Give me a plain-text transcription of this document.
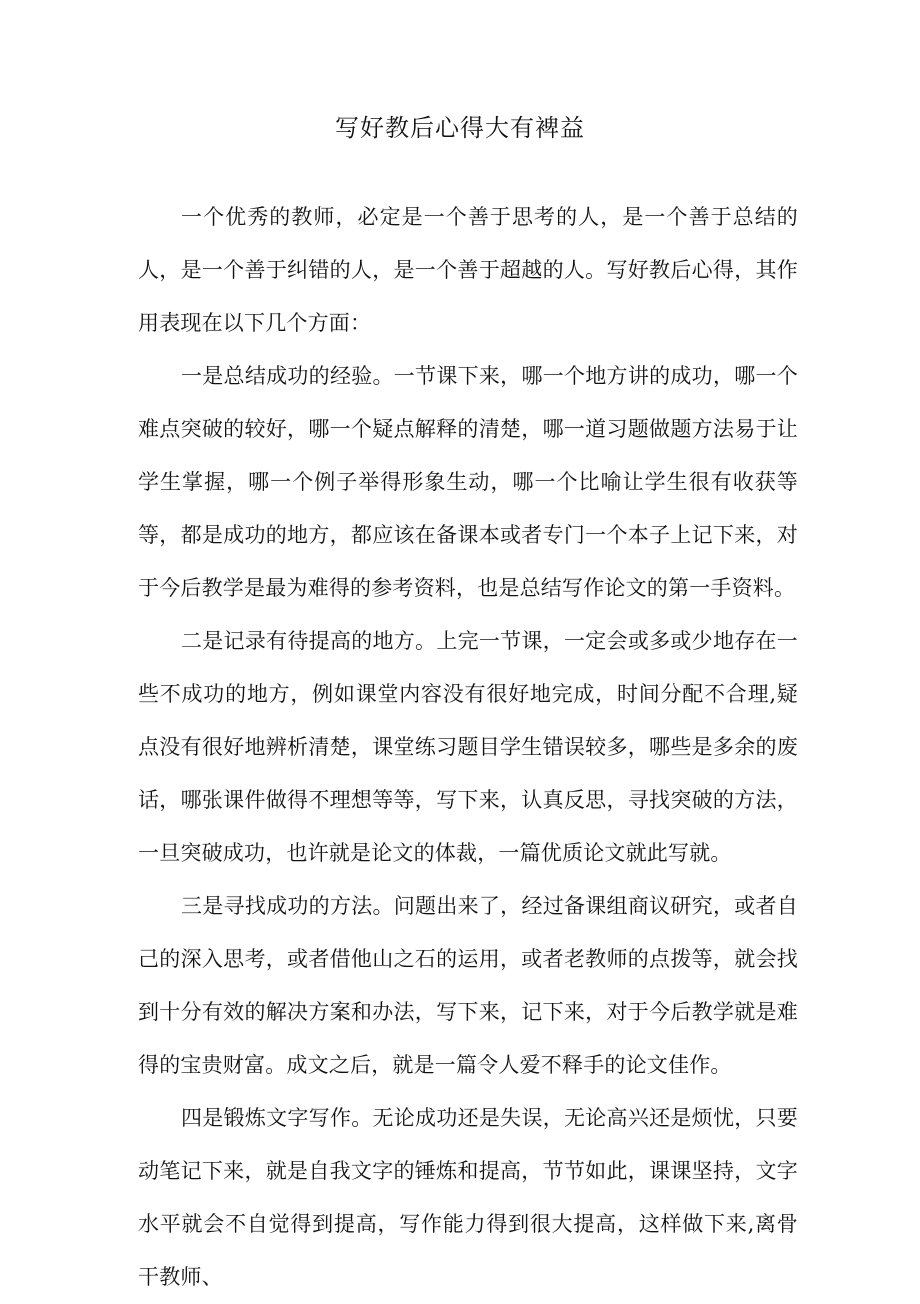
写好教后心得大有裨益

一个优秀的教师，必定是一个善于思考的人，是一个善于总结的人，是一个善于纠错的人，是一个善于超越的人。写好教后心得，其作用表现在以下几个方面：

一是总结成功的经验。一节课下来，哪一个地方讲的成功，哪一个难点突破的较好，哪一个疑点解释的清楚，哪一道习题做题方法易于让学生掌握，哪一个例子举得形象生动，哪一个比喻让学生很有收获等等，都是成功的地方，都应该在备课本或者专门一个本子上记下来，对于今后教学是最为难得的参考资料，也是总结写作论文的第一手资料。

二是记录有待提高的地方。上完一节课，一定会或多或少地存在一些不成功的地方，例如课堂内容没有很好地完成，时间分配不合理,疑点没有很好地辨析清楚，课堂练习题目学生错误较多，哪些是多余的废话，哪张课件做得不理想等等，写下来，认真反思，寻找突破的方法，一旦突破成功，也许就是论文的体裁，一篇优质论文就此写就。

三是寻找成功的方法。问题出来了，经过备课组商议研究，或者自己的深入思考，或者借他山之石的运用，或者老教师的点拨等，就会找到十分有效的解决方案和办法，写下来，记下来，对于今后教学就是难得的宝贵财富。成文之后，就是一篇令人爱不释手的论文佳作。

四是锻炼文字写作。无论成功还是失误，无论高兴还是烦忧，只要动笔记下来，就是自我文字的锤炼和提高，节节如此，课课坚持，文字水平就会不自觉得到提高，写作能力得到很大提高，这样做下来,离骨干教师、
